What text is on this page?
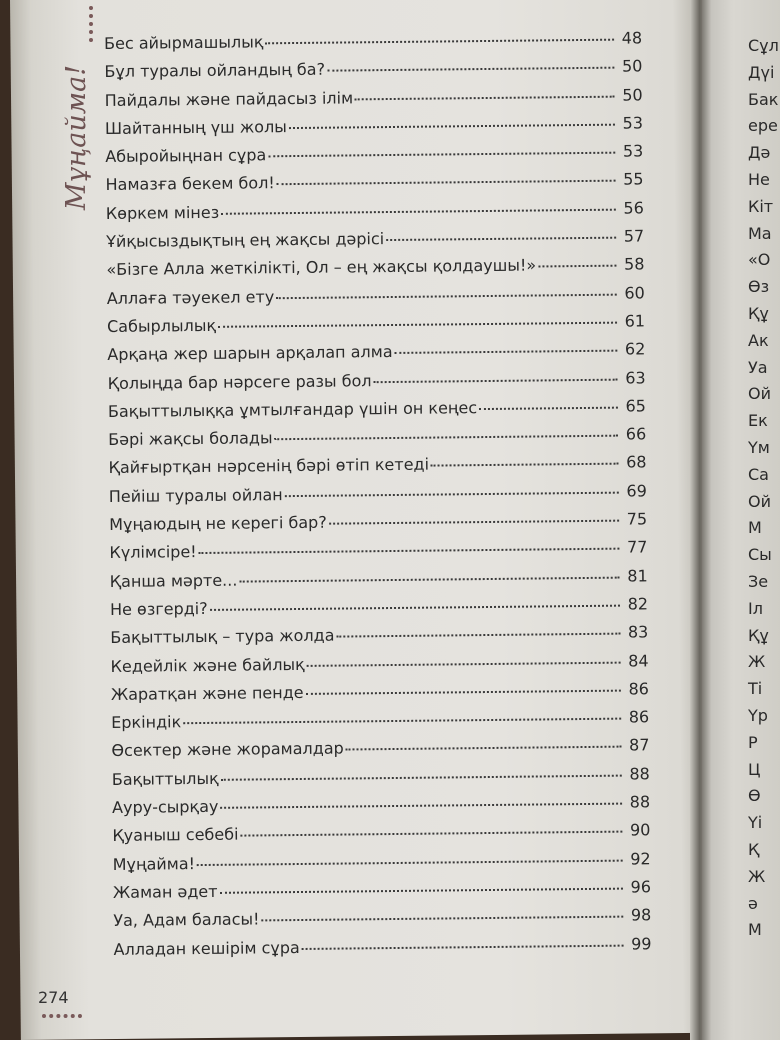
Мұңайма!
Бес айырмашылық	48
Бұл туралы ойландың ба?	50
Пайдалы және пайдасыз ілім	50
Шайтанның үш жолы	53
Абыройыңнан сұра	53
Намазға бекем бол!	55
Көркем мінез	56
Ұйқысыздықтың ең жақсы дәрісі	57
«Бізге Алла жеткілікті, Ол – ең жақсы қолдаушы!»	58
Аллаға тәуекел ету	60
Сабырлылық	61
Арқаңа жер шарын арқалап алма	62
Қолыңда бар нәрсеге разы бол	63
Бақыттылыққа ұмтылғандар үшін он кеңес	65
Бәрі жақсы болады	66
Қайғыртқан нәрсенің бәрі өтіп кетеді	68
Пейіш туралы ойлан	69
Мұңаюдың не керегі бар?	75
Күлімсіре!	77
Қанша мәрте...	81
Не өзгерді?	82
Бақыттылық – тура жолда	83
Кедейлік және байлық	84
Жаратқан және пенде	86
Еркіндік	86
Өсектер және жорамалдар	87
Бақыттылық	88
Ауру-сырқау	88
Қуаныш себебі	90
Мұңайма!	92
Жаман әдет	96
Уа, Адам баласы!	98
Алладан кешірім сұра	99
274
Сұл
Дүі
Бак
ере
Дә
Не
Кіт
Ма
«О
Өз
Құ
Ак
Уа
Ой
Ек
Үм
Са
Ой
М
Сы
Зе
Іл
Құ
Ж
Ті
Үр
Р
Ц
Ө
Үі
Қ
Ж
ә
М
